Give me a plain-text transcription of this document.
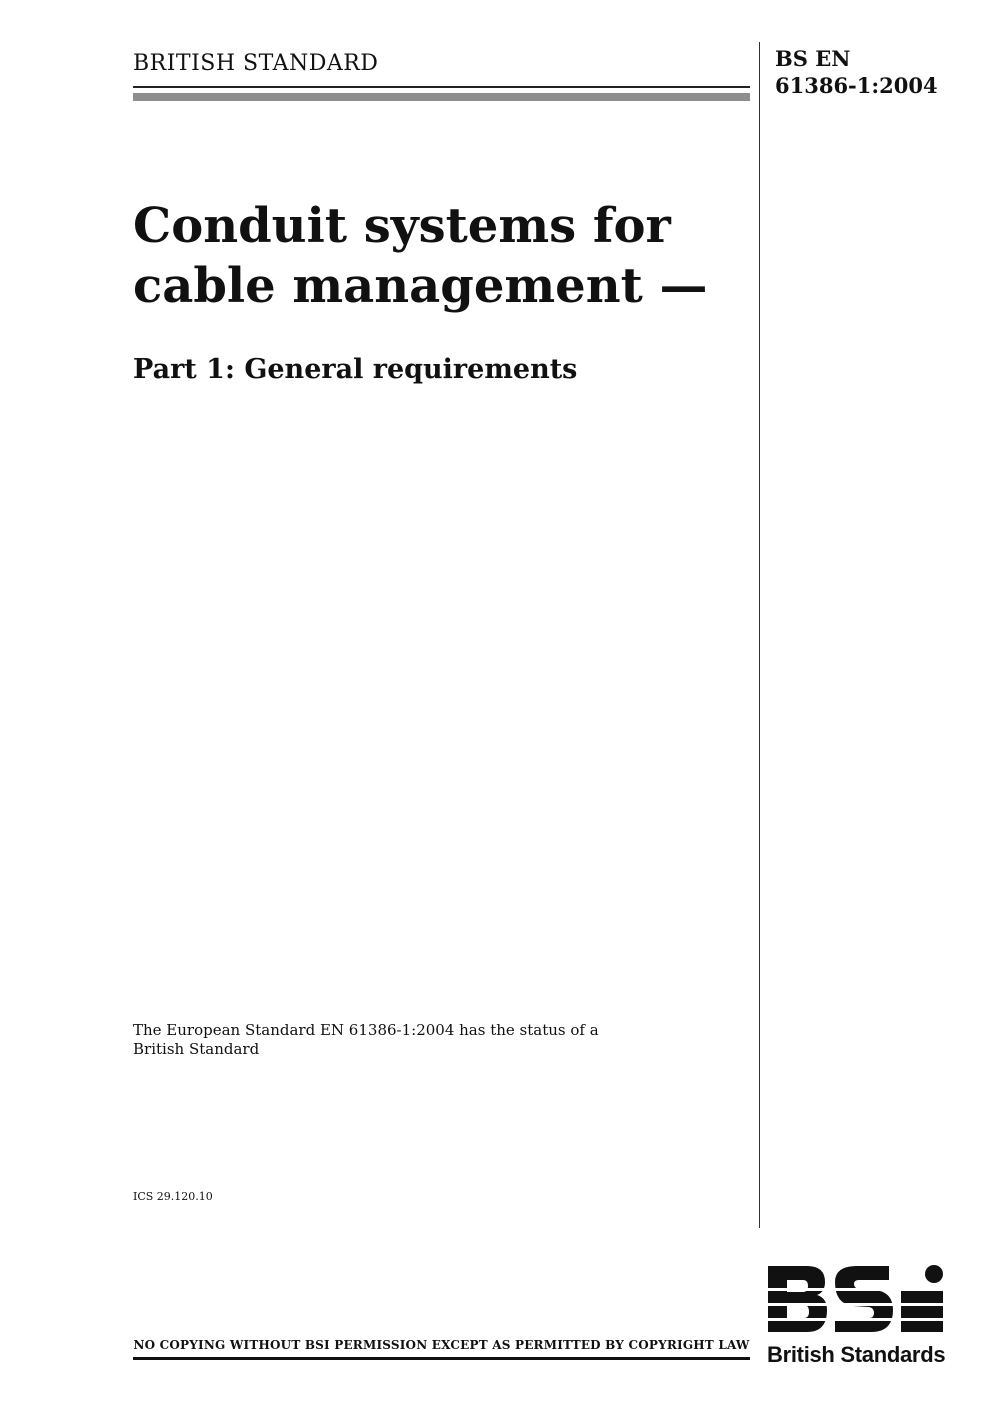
BRITISH STANDARD	BS EN
61386-1:2004
Conduit systems for
cable management —
Part 1: General requirements
The European Standard EN 61386-1:2004 has the status of a
British Standard
ICS 29.120.10
NO COPYING WITHOUT BSI PERMISSION EXCEPT AS PERMITTED BY COPYRIGHT LAW British Standards
